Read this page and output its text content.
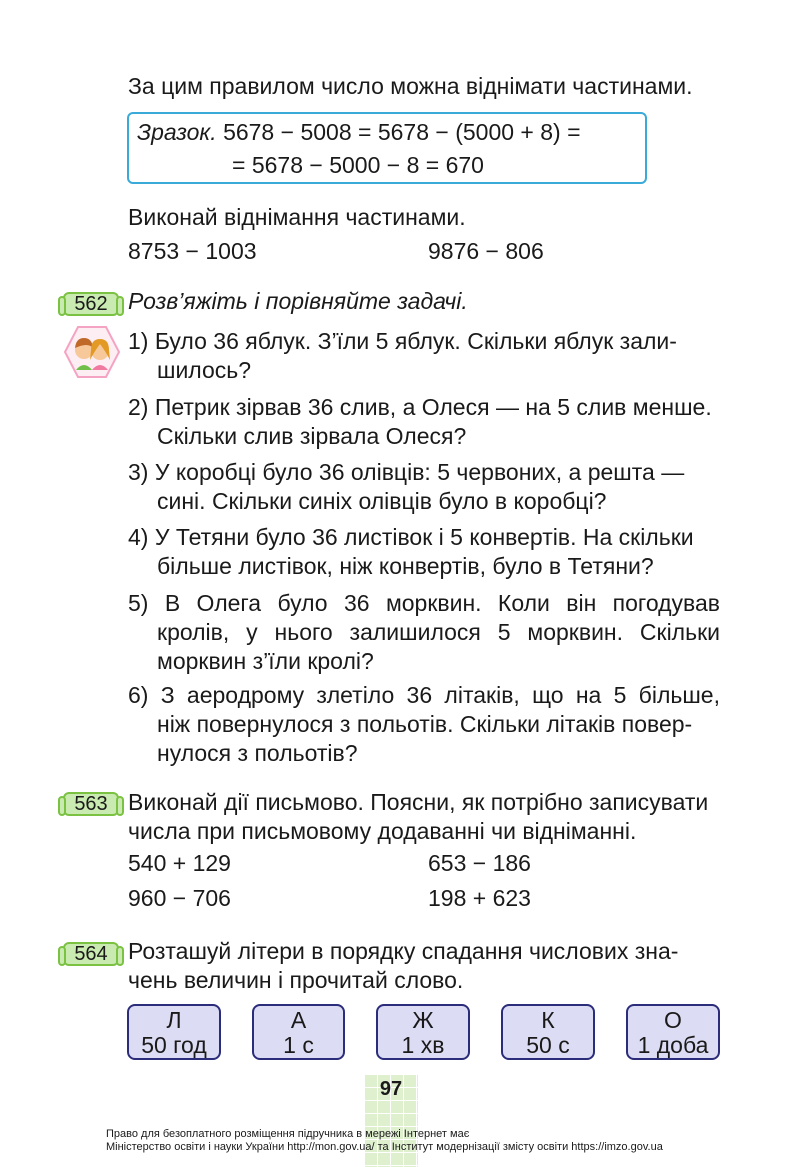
За цим правилом число можна віднімати частинами.
Зразок. 5678 − 5008 = 5678 − (5000 + 8) =
= 5678 − 5000 − 8 = 670
Виконай віднімання частинами.
8753 − 1003	9876 − 806
562 Розв’яжіть і порівняйте задачі.
1) Було 36 яблук. З’їли 5 яблук. Скільки яблук зали-
шилось?
2) Петрик зірвав 36 слив, а Олеся — на 5 слив менше.
Скільки слив зірвала Олеся?
3) У коробці було 36 олівців: 5 червоних, а решта —
сині. Скільки синіх олівців було в коробці?
4) У Тетяни було 36 листівок і 5 конвертів. На скільки
більше листівок, ніж конвертів, було в Тетяни?
5) В Олега було 36 морквин. Коли він погодував
кролів, у нього залишилося 5 морквин. Скільки
морквин з’їли кролі?
6) З аеродрому злетіло 36 літаків, що на 5 більше,
ніж повернулося з польотів. Скільки літаків повер-
нулося з польотів?
563 Виконай дії письмово. Поясни, як потрібно записувати
числа при письмовому додаванні чи відніманні.
540 + 129	653 − 186
960 − 706	198 + 623
564 Розташуй літери в порядку спадання числових зна-
чень величин і прочитай слово.
Л
50 год
А
1 с
Ж
1 хв
К
50 с
О
1 доба
97
Право для безоплатного розміщення підручника в мережі Інтернет має
Міністерство освіти і науки України http://mon.gov.ua/ та Інститут модернізації змісту освіти https://imzo.gov.ua
